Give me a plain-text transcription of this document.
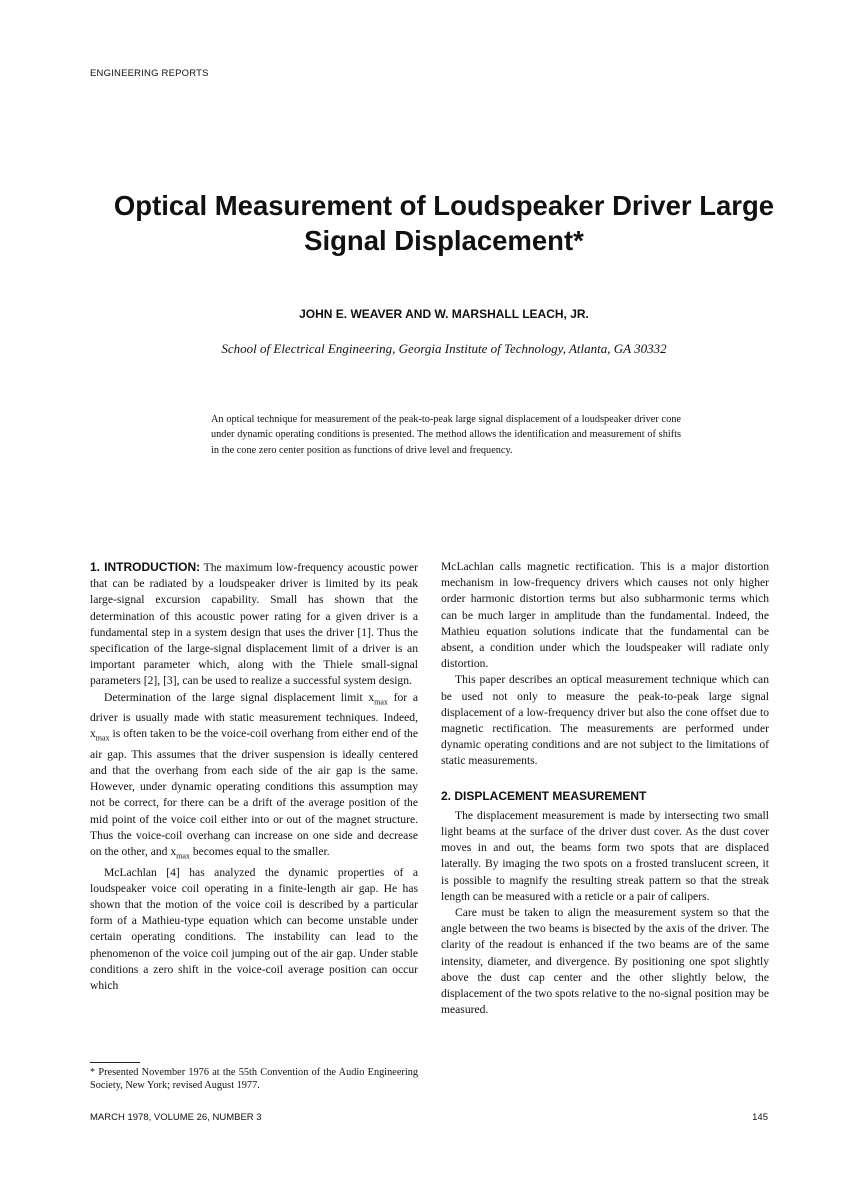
ENGINEERING REPORTS
Optical Measurement of Loudspeaker Driver Large
Signal Displacement*
JOHN E. WEAVER AND W. MARSHALL LEACH, JR.
School of Electrical Engineering, Georgia Institute of Technology, Atlanta, GA 30332
An optical technique for measurement of the peak-to-peak large signal displacement of a loudspeaker driver cone under dynamic operating conditions is presented. The method allows the identification and measurement of shifts in the cone zero center position as functions of drive level and frequency.

1. INTRODUCTION: The maximum low-frequency acoustic power that can be radiated by a loudspeaker driver is limited by its peak large-signal excursion capability. Small has shown that the determination of this acoustic power rating for a given driver is a fundamental step in a system design that uses the driver [1]. Thus the specification of the large-signal displacement limit of a driver is an important parameter which, along with the Thiele small-signal parameters [2], [3], can be used to realize a successful system design.

Determination of the large signal displacement limit $x_{max}$ for a driver is usually made with static measurement techniques. Indeed, $x_{max}$ is often taken to be the voice-coil overhang from either end of the air gap. This assumes that the driver suspension is ideally centered and that the overhang from each side of the air gap is the same. However, under dynamic operating conditions this assumption may not be correct, for there can be a drift of the average position of the mid point of the voice coil either into or out of the magnet structure. Thus the voice-coil overhang can increase on one side and decrease on the other, and $x_{max}$ becomes equal to the smaller.

McLachlan [4] has analyzed the dynamic properties of a loudspeaker voice coil operating in a finite-length air gap. He has shown that the motion of the voice coil is described by a particular form of a Mathieu-type equation which can become unstable under certain operating conditions. The instability can lead to the phenomenon of the voice coil jumping out of the air gap. Under stable conditions a zero shift in the voice-coil average position can occur which

McLachlan calls magnetic rectification. This is a major distortion mechanism in low-frequency drivers which causes not only higher order harmonic distortion terms but also subharmonic terms which can be much larger in amplitude than the fundamental. Indeed, the Mathieu equation solutions indicate that the fundamental can be absent, a condition under which the loudspeaker will radiate only distortion.

This paper describes an optical measurement technique which can be used not only to measure the peak-to-peak large signal displacement of a low-frequency driver but also the cone offset due to magnetic rectification. The measurements are performed under dynamic operating conditions and are not subject to the limitations of static measurements.

2. DISPLACEMENT MEASUREMENT

The displacement measurement is made by intersecting two small light beams at the surface of the driver dust cover. As the dust cover moves in and out, the beams form two spots that are displaced laterally. By imaging the two spots on a frosted translucent screen, it is possible to magnify the resulting streak pattern so that the streak length can be measured with a reticle or a pair of calipers.

Care must be taken to align the measurement system so that the angle between the two beams is bisected by the axis of the driver. The clarity of the readout is enhanced if the two beams are of the same intensity, diameter, and divergence. By positioning one spot slightly above the dust cap center and the other slightly below, the displacement of the two spots relative to the no-signal position may be measured.

* Presented November 1976 at the 55th Convention of the Audio Engineering Society, New York; revised August 1977.
MARCH 1978, VOLUME 26, NUMBER 3	145
